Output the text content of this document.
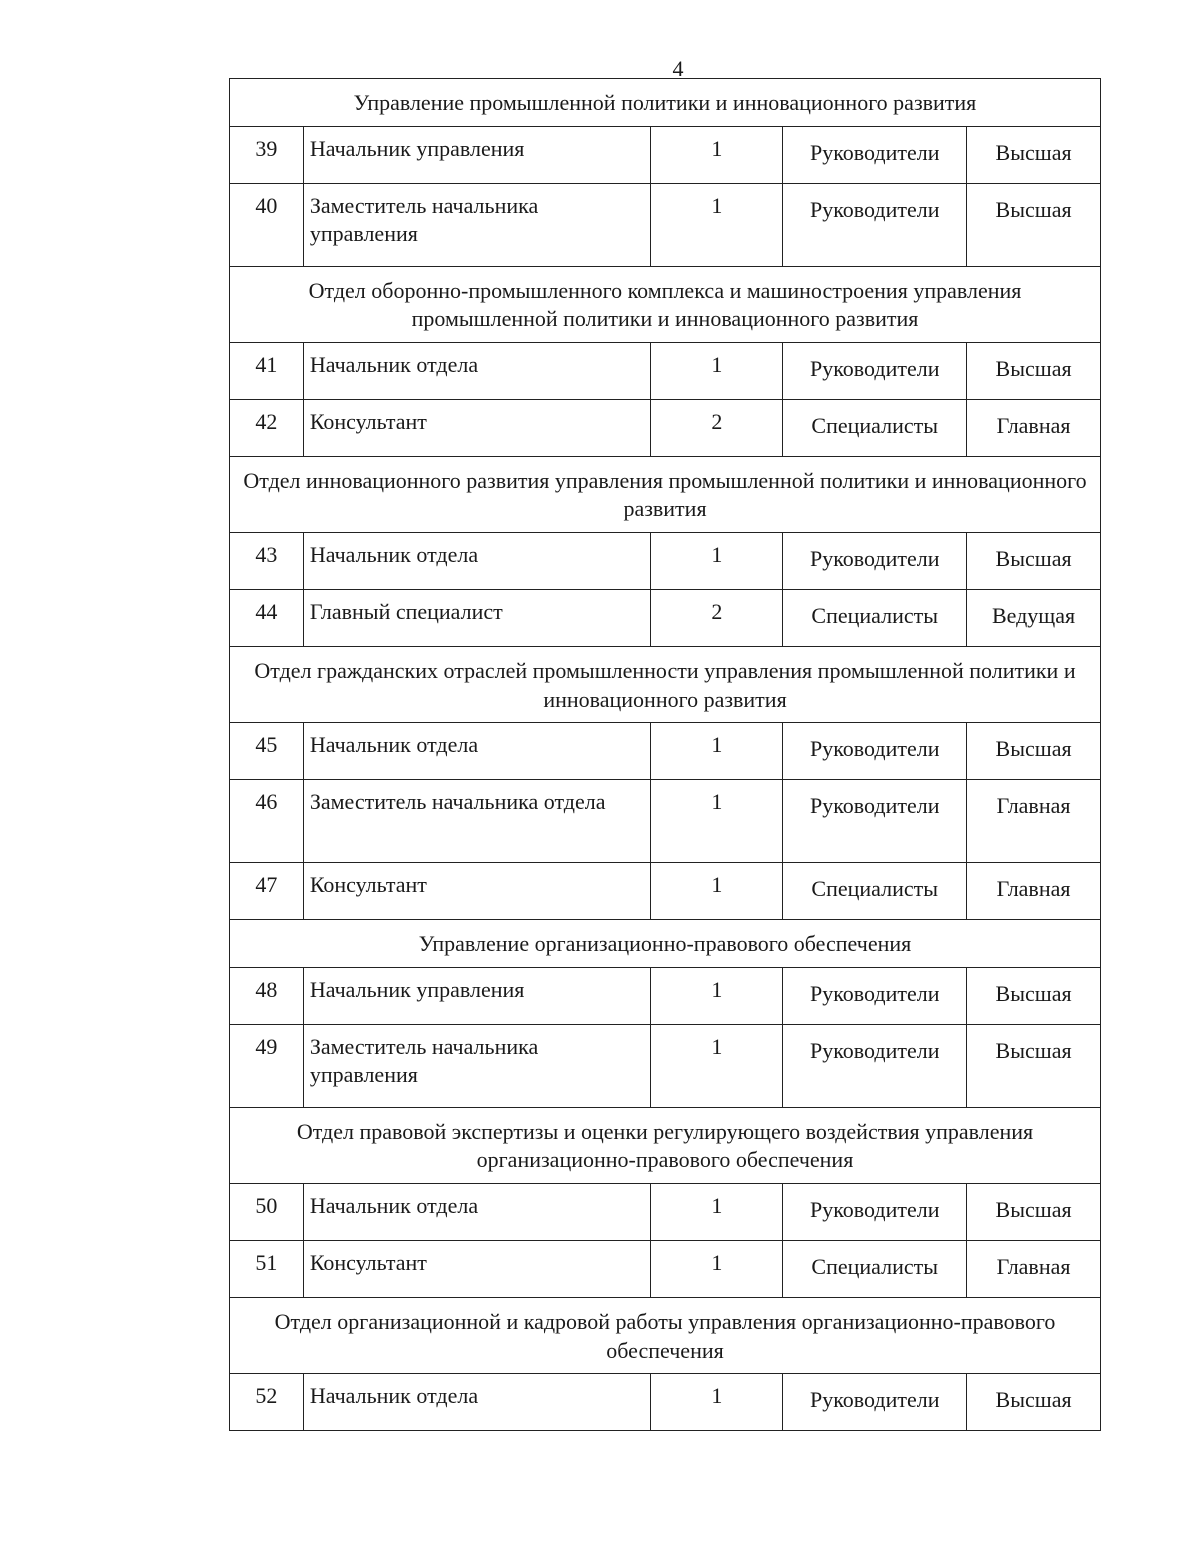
4
Управление промышленной политики и инновационного развития				
39	Начальник управления	1	Руководители	Высшая
40	Заместитель начальника управления	1	Руководители	Высшая
Отдел оборонно-промышленного комплекса и машиностроения управления промышленной политики и инновационного развития				
41	Начальник отдела	1	Руководители	Высшая
42	Консультант	2	Специалисты	Главная
Отдел инновационного развития управления промышленной политики и инновационного развития				
43	Начальник отдела	1	Руководители	Высшая
44	Главный специалист	2	Специалисты	Ведущая
Отдел гражданских отраслей промышленности управления промышленной политики и инновационного развития				
45	Начальник отдела	1	Руководители	Высшая
46	Заместитель начальника отдела	1	Руководители	Главная
47	Консультант	1	Специалисты	Главная
Управление организационно-правового обеспечения				
48	Начальник управления	1	Руководители	Высшая
49	Заместитель начальника управления	1	Руководители	Высшая
Отдел правовой экспертизы и оценки регулирующего воздействия управления организационно-правового обеспечения				
50	Начальник отдела	1	Руководители	Высшая
51	Консультант	1	Специалисты	Главная
Отдел организационной и кадровой работы управления организационно-правового обеспечения				
52	Начальник отдела	1	Руководители	Высшая
